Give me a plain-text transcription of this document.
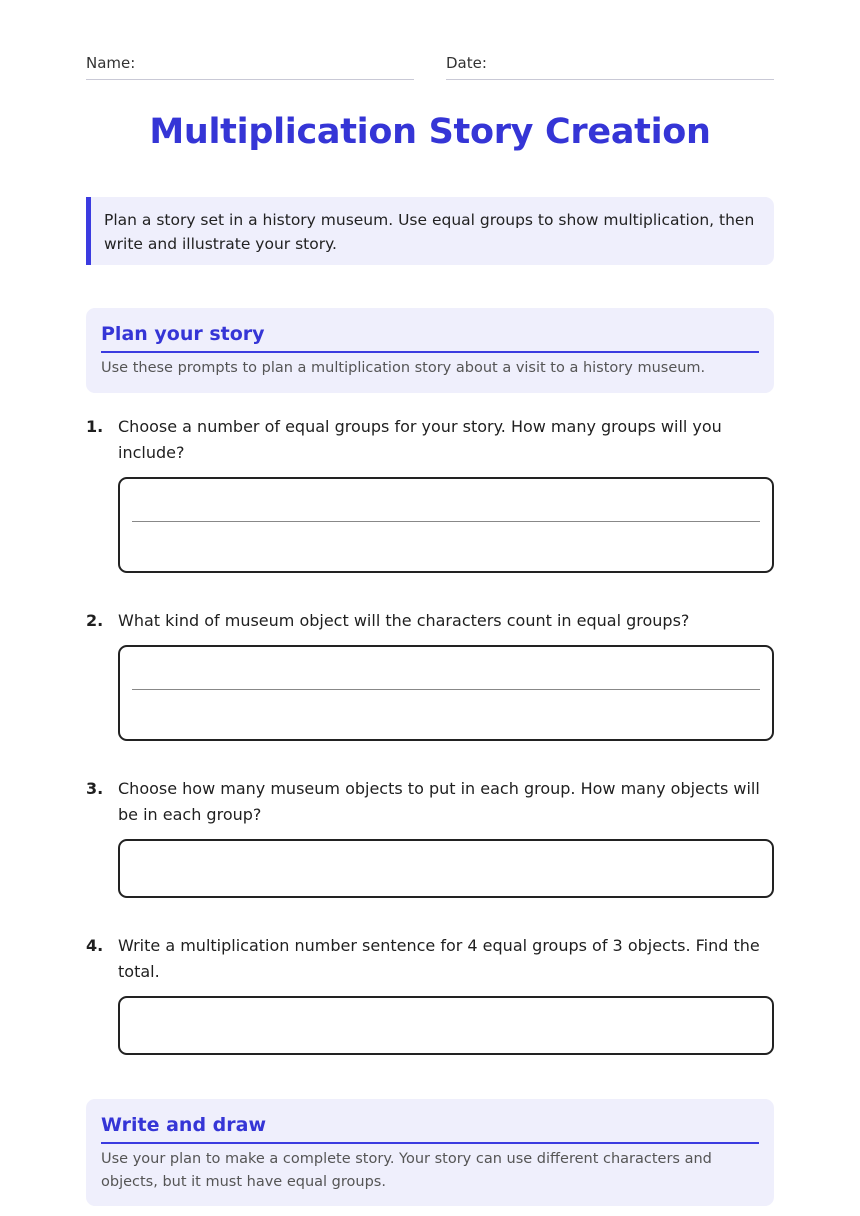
Name:	Date:
Multiplication Story Creation
Plan a story set in a history museum. Use equal groups to show multiplication, then write and illustrate your story.
Plan your story
Use these prompts to plan a multiplication story about a visit to a history museum.
1. Choose a number of equal groups for your story. How many groups will you include?
2. What kind of museum object will the characters count in equal groups?
3. Choose how many museum objects to put in each group. How many objects will be in each group?
4. Write a multiplication number sentence for 4 equal groups of 3 objects. Find the total.
Write and draw
Use your plan to make a complete story. Your story can use different characters and objects, but it must have equal groups.
